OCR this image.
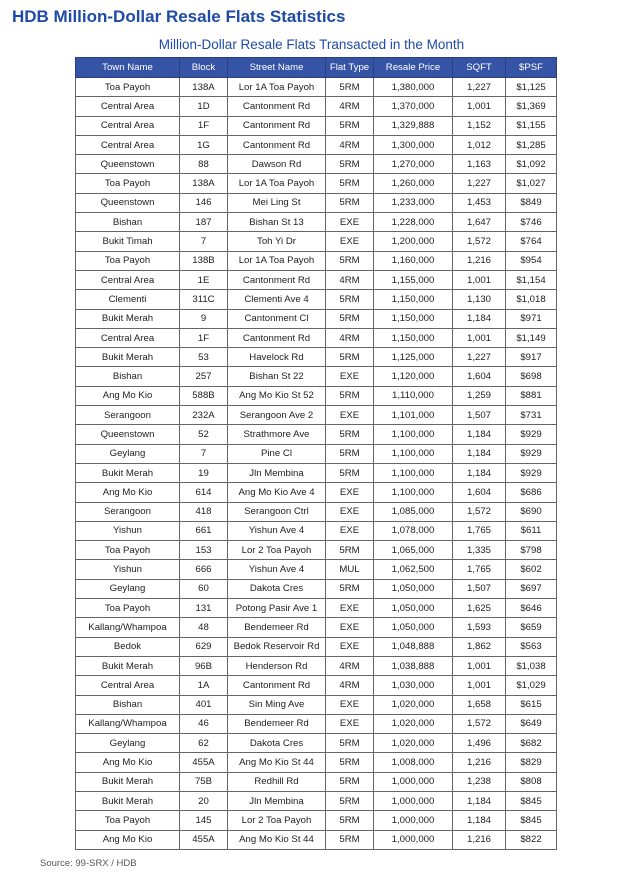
HDB Million-Dollar Resale Flats Statistics
Million-Dollar Resale Flats Transacted in the Month
Town Name	Block	Street Name	Flat Type	Resale Price	SQFT	$PSF
Toa Payoh	138A	Lor 1A Toa Payoh	5RM	1,380,000	1,227	$1,125
Central Area	1D	Cantonment Rd	4RM	1,370,000	1,001	$1,369
Central Area	1F	Cantonment Rd	5RM	1,329,888	1,152	$1,155
Central Area	1G	Cantonment Rd	4RM	1,300,000	1,012	$1,285
Queenstown	88	Dawson Rd	5RM	1,270,000	1,163	$1,092
Toa Payoh	138A	Lor 1A Toa Payoh	5RM	1,260,000	1,227	$1,027
Queenstown	146	Mei Ling St	5RM	1,233,000	1,453	$849
Bishan	187	Bishan St 13	EXE	1,228,000	1,647	$746
Bukit Timah	7	Toh Yi Dr	EXE	1,200,000	1,572	$764
Toa Payoh	138B	Lor 1A Toa Payoh	5RM	1,160,000	1,216	$954
Central Area	1E	Cantonment Rd	4RM	1,155,000	1,001	$1,154
Clementi	311C	Clementi Ave 4	5RM	1,150,000	1,130	$1,018
Bukit Merah	9	Cantonment Cl	5RM	1,150,000	1,184	$971
Central Area	1F	Cantonment Rd	4RM	1,150,000	1,001	$1,149
Bukit Merah	53	Havelock Rd	5RM	1,125,000	1,227	$917
Bishan	257	Bishan St 22	EXE	1,120,000	1,604	$698
Ang Mo Kio	588B	Ang Mo Kio St 52	5RM	1,110,000	1,259	$881
Serangoon	232A	Serangoon Ave 2	EXE	1,101,000	1,507	$731
Queenstown	52	Strathmore Ave	5RM	1,100,000	1,184	$929
Geylang	7	Pine Cl	5RM	1,100,000	1,184	$929
Bukit Merah	19	Jln Membina	5RM	1,100,000	1,184	$929
Ang Mo Kio	614	Ang Mo Kio Ave 4	EXE	1,100,000	1,604	$686
Serangoon	418	Serangoon Ctrl	EXE	1,085,000	1,572	$690
Yishun	661	Yishun Ave 4	EXE	1,078,000	1,765	$611
Toa Payoh	153	Lor 2 Toa Payoh	5RM	1,065,000	1,335	$798
Yishun	666	Yishun Ave 4	MUL	1,062,500	1,765	$602
Geylang	60	Dakota Cres	5RM	1,050,000	1,507	$697
Toa Payoh	131	Potong Pasir Ave 1	EXE	1,050,000	1,625	$646
Kallang/Whampoa	48	Bendemeer Rd	EXE	1,050,000	1,593	$659
Bedok	629	Bedok Reservoir Rd	EXE	1,048,888	1,862	$563
Bukit Merah	96B	Henderson Rd	4RM	1,038,888	1,001	$1,038
Central Area	1A	Cantonment Rd	4RM	1,030,000	1,001	$1,029
Bishan	401	Sin Ming Ave	EXE	1,020,000	1,658	$615
Kallang/Whampoa	46	Bendemeer Rd	EXE	1,020,000	1,572	$649
Geylang	62	Dakota Cres	5RM	1,020,000	1,496	$682
Ang Mo Kio	455A	Ang Mo Kio St 44	5RM	1,008,000	1,216	$829
Bukit Merah	75B	Redhill Rd	5RM	1,000,000	1,238	$808
Bukit Merah	20	Jln Membina	5RM	1,000,000	1,184	$845
Toa Payoh	145	Lor 2 Toa Payoh	5RM	1,000,000	1,184	$845
Ang Mo Kio	455A	Ang Mo Kio St 44	5RM	1,000,000	1,216	$822
Source: 99-SRX / HDB
